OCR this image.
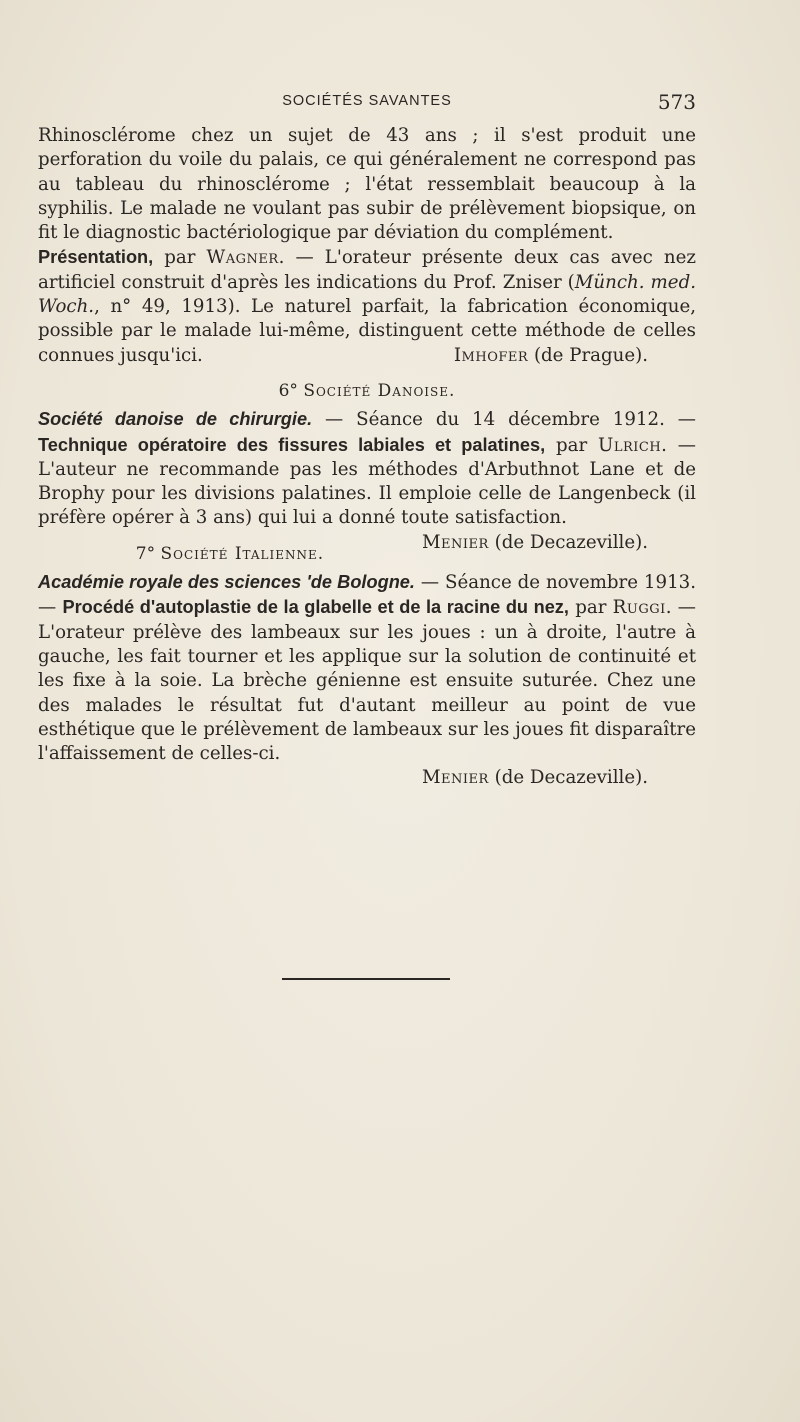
SOCIÉTÉS SAVANTES	573

Rhinosclérome chez un sujet de 43 ans ; il s'est produit une perforation du voile du palais, ce qui généralement ne correspond pas au tableau du rhinosclérome ; l'état ressemblait beaucoup à la syphilis. Le malade ne voulant pas subir de prélèvement biopsique, on fit le diagnostic bactériologique par déviation du complément.

Présentation, par Wagner. — L'orateur présente deux cas avec nez artificiel construit d'après les indications du Prof. Zniser (Münch. med. Woch., n° 49, 1913). Le naturel parfait, la fabrication économique, possible par le malade lui-même, distinguent cette méthode de celles connues jusqu'ici.	Imhofer (de Prague).

6° Société Danoise.

Société danoise de chirurgie. — Séance du 14 décembre 1912. — Technique opératoire des fissures labiales et palatines, par Ulrich. — L'auteur ne recommande pas les méthodes d'Arbuthnot Lane et de Brophy pour les divisions palatines. Il emploie celle de Langenbeck (il préfère opérer à 3 ans) qui lui a donné toute satisfaction.
Menier (de Decazeville).

7° Société Italienne.

Académie royale des sciences 'de Bologne. — Séance de novembre 1913. — Procédé d'autoplastie de la glabelle et de la racine du nez, par Ruggi. — L'orateur prélève des lambeaux sur les joues : un à droite, l'autre à gauche, les fait tourner et les applique sur la solution de continuité et les fixe à la soie. La brèche génienne est ensuite suturée. Chez une des malades le résultat fut d'autant meilleur au point de vue esthétique que le prélèvement de lambeaux sur les joues fit disparaître l'affaissement de celles-ci.

Menier (de Decazeville).
